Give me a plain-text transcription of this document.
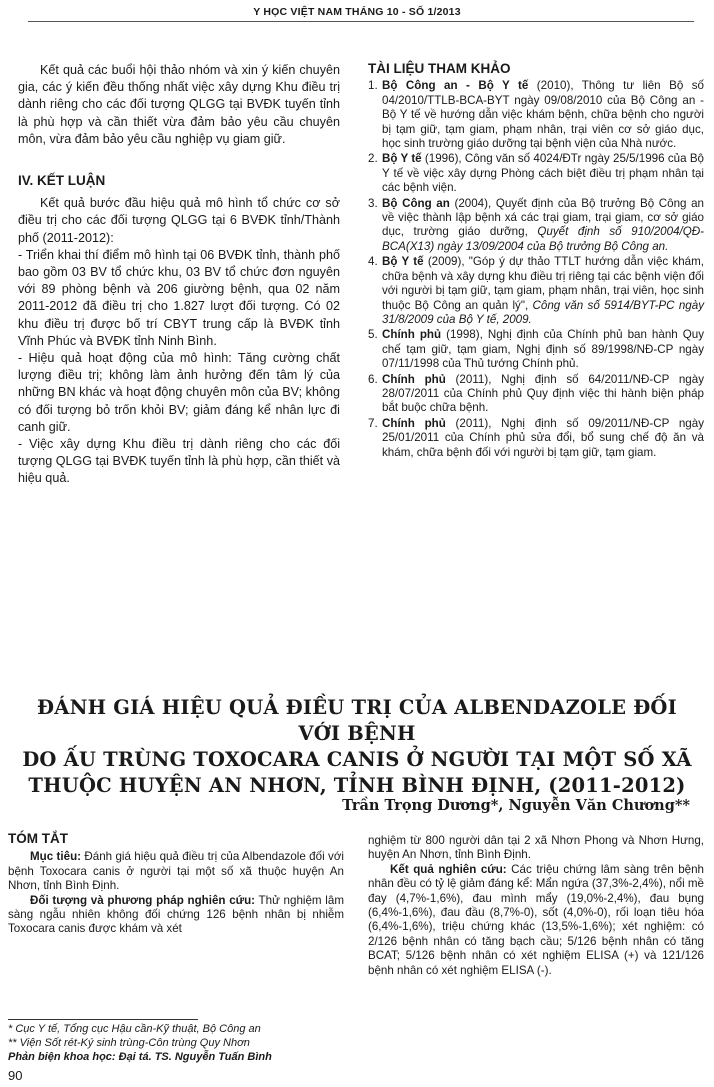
Y HỌC VIỆT NAM THÁNG 10 - SỐ 1/2013

Kết quả các buổi hội thảo nhóm và xin ý kiến chuyên gia, các ý kiến đều thống nhất việc xây dựng Khu điều trị dành riêng cho các đối tượng QLGG tại BVĐK tuyến tỉnh là phù hợp và cần thiết vừa đảm bảo yêu cầu chuyên môn, vừa đảm bảo yêu cầu nghiệp vụ giam giữ.

IV. KẾT LUẬN

Kết quả bước đầu hiệu quả mô hình tổ chức cơ sở điều trị cho các đối tượng QLGG tại 6 BVĐK tỉnh/Thành phố (2011-2012):

- Triển khai thí điểm mô hình tại 06 BVĐK tỉnh, thành phố bao gồm 03 BV tổ chức khu, 03 BV tổ chức đơn nguyên với 89 phòng bệnh và 206 giường bệnh, qua 02 năm 2011-2012 đã điều trị cho 1.827 lượt đối tượng. Có 02 khu điều trị được bố trí CBYT trung cấp là BVĐK tỉnh Vĩnh Phúc và BVĐK tỉnh Ninh Bình.

- Hiệu quả hoạt động của mô hình: Tăng cường chất lượng điều trị; không làm ảnh hưởng đến tâm lý của những BN khác và hoạt động chuyên môn của BV; không có đối tượng bỏ trốn khỏi BV; giảm đáng kể nhân lực đi canh giữ.

- Việc xây dựng Khu điều trị dành riêng cho các đối tượng QLGG tại BVĐK tuyến tỉnh là phù hợp, cần thiết và hiệu quả.

TÀI LIỆU THAM KHẢO
1. Bộ Công an - Bộ Y tế (2010), Thông tư liên Bộ số 04/2010/TTLB-BCA-BYT ngày 09/08/2010 của Bộ Công an - Bộ Y tế về hướng dẫn việc khám bệnh, chữa bệnh cho người bị tạm giữ, tạm giam, phạm nhân, trại viên cơ sở giáo dục, học sinh trường giáo dưỡng tại bệnh viện của Nhà nước.
2. Bộ Y tế (1996), Công văn số 4024/ĐTr ngày 25/5/1996 của Bộ Y tế về việc xây dựng Phòng cách biệt điều trị phạm nhân tại các bệnh viện.
3. Bộ Công an (2004), Quyết định của Bộ trưởng Bộ Công an về việc thành lập bệnh xá các trại giam, trại giam, cơ sở giáo dục, trường giáo dưỡng, Quyết định số 910/2004/QĐ-BCA(X13) ngày 13/09/2004 của Bộ trưởng Bộ Công an.
4. Bộ Y tế (2009), "Góp ý dự thảo TTLT hướng dẫn việc khám, chữa bệnh và xây dựng khu điều trị riêng tại các bệnh viện đối với người bị tạm giữ, tạm giam, phạm nhân, trại viên, học sinh thuộc Bộ Công an quản lý", Công văn số 5914/BYT-PC ngày 31/8/2009 của Bộ Y tế, 2009.
5. Chính phủ (1998), Nghị định của Chính phủ ban hành Quy chế tạm giữ, tạm giam, Nghị định số 89/1998/NĐ-CP ngày 07/11/1998 của Thủ tướng Chính phủ.
6. Chính phủ (2011), Nghị định số 64/2011/NĐ-CP ngày 28/07/2011 của Chính phủ Quy định việc thi hành biện pháp bắt buộc chữa bệnh.
7. Chính phủ (2011), Nghị định số 09/2011/NĐ-CP ngày 25/01/2011 của Chính phủ sửa đổi, bổ sung chế độ ăn và khám, chữa bệnh đối với người bị tạm giữ, tạm giam.
ĐÁNH GIÁ HIỆU QUẢ ĐIỀU TRỊ CỦA ALBENDAZOLE ĐỐI VỚI BỆNH
DO ẤU TRÙNG TOXOCARA CANIS Ở NGƯỜI TẠI MỘT SỐ XÃ
THUỘC HUYỆN AN NHƠN, TỈNH BÌNH ĐỊNH, (2011-2012)
Trần Trọng Dương*, Nguyễn Văn Chương**
TÓM TẮT

Mục tiêu: Đánh giá hiệu quả điều trị của Albendazole đối với bệnh Toxocara canis ở người tại một số xã thuộc huyện An Nhơn, tỉnh Bình Định.

Đối tượng và phương pháp nghiên cứu: Thử nghiệm lâm sàng ngẫu nhiên không đối chứng 126 bệnh nhân bị nhiễm Toxocara canis được khám và xét

nghiệm từ 800 người dân tại 2 xã Nhơn Phong và Nhơn Hưng, huyện An Nhơn, tỉnh Bình Định.

Kết quả nghiên cứu: Các triệu chứng lâm sàng trên bệnh nhân đều có tỷ lệ giảm đáng kể: Mẩn ngứa (37,3%-2,4%), nổi mề đay (4,7%-1,6%), đau mình mẩy (19,0%-2,4%), đau bụng (6,4%-1,6%), đau đầu (8,7%-0), sốt (4,0%-0), rối loạn tiêu hóa (6,4%-1,6%), triệu chứng khác (13,5%-1,6%); xét nghiệm: có 2/126 bệnh nhân có tăng bạch cầu; 5/126 bệnh nhân có tăng BCAT; 5/126 bệnh nhân có xét nghiệm ELISA (+) và 121/126 bệnh nhân có xét nghiệm ELISA (-).

* Cục Y tế, Tổng cục Hậu cần-Kỹ thuật, Bộ Công an
** Viện Sốt rét-Ký sinh trùng-Côn trùng Quy Nhơn
Phản biện khoa học: Đại tá. TS. Nguyễn Tuấn Bình
90
